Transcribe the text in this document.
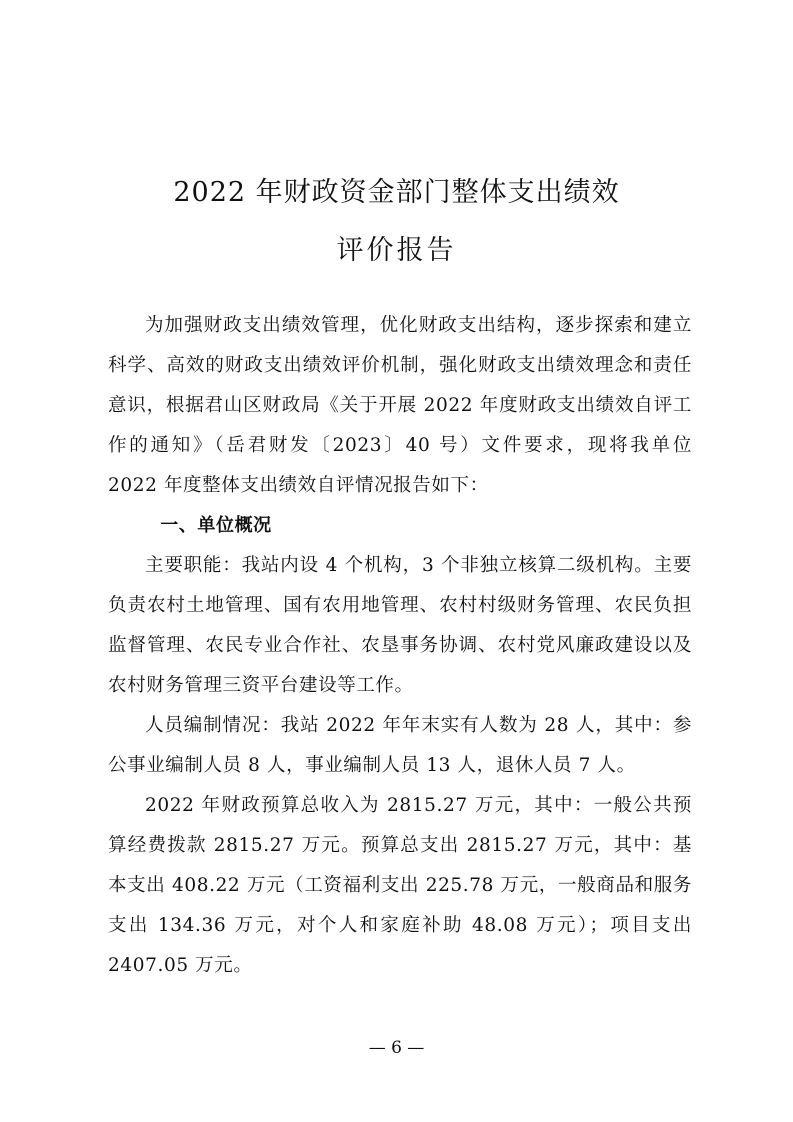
2022 年财政资金部门整体支出绩效
评价报告

为加强财政支出绩效管理，优化财政支出结构，逐步探索和建立科学、高效的财政支出绩效评价机制，强化财政支出绩效理念和责任意识，根据君山区财政局《关于开展 2022 年度财政支出绩效自评工作的通知》（岳君财发〔2023〕40 号）文件要求，现将我单位 2022 年度整体支出绩效自评情况报告如下：

一、单位概况

主要职能：我站内设 4 个机构，3 个非独立核算二级机构。主要负责农村土地管理、国有农用地管理、农村村级财务管理、农民负担监督管理、农民专业合作社、农垦事务协调、农村党风廉政建设以及农村财务管理三资平台建设等工作。

人员编制情况：我站 2022 年年末实有人数为 28 人，其中：参公事业编制人员 8 人，事业编制人员 13 人，退休人员 7 人。

2022 年财政预算总收入为 2815.27 万元，其中：一般公共预算经费拨款 2815.27 万元。预算总支出 2815.27 万元，其中：基本支出 408.22 万元（工资福利支出 225.78 万元，一般商品和服务支出 134.36 万元，对个人和家庭补助 48.08 万元）；项目支出 2407.05 万元。

— 6 —
